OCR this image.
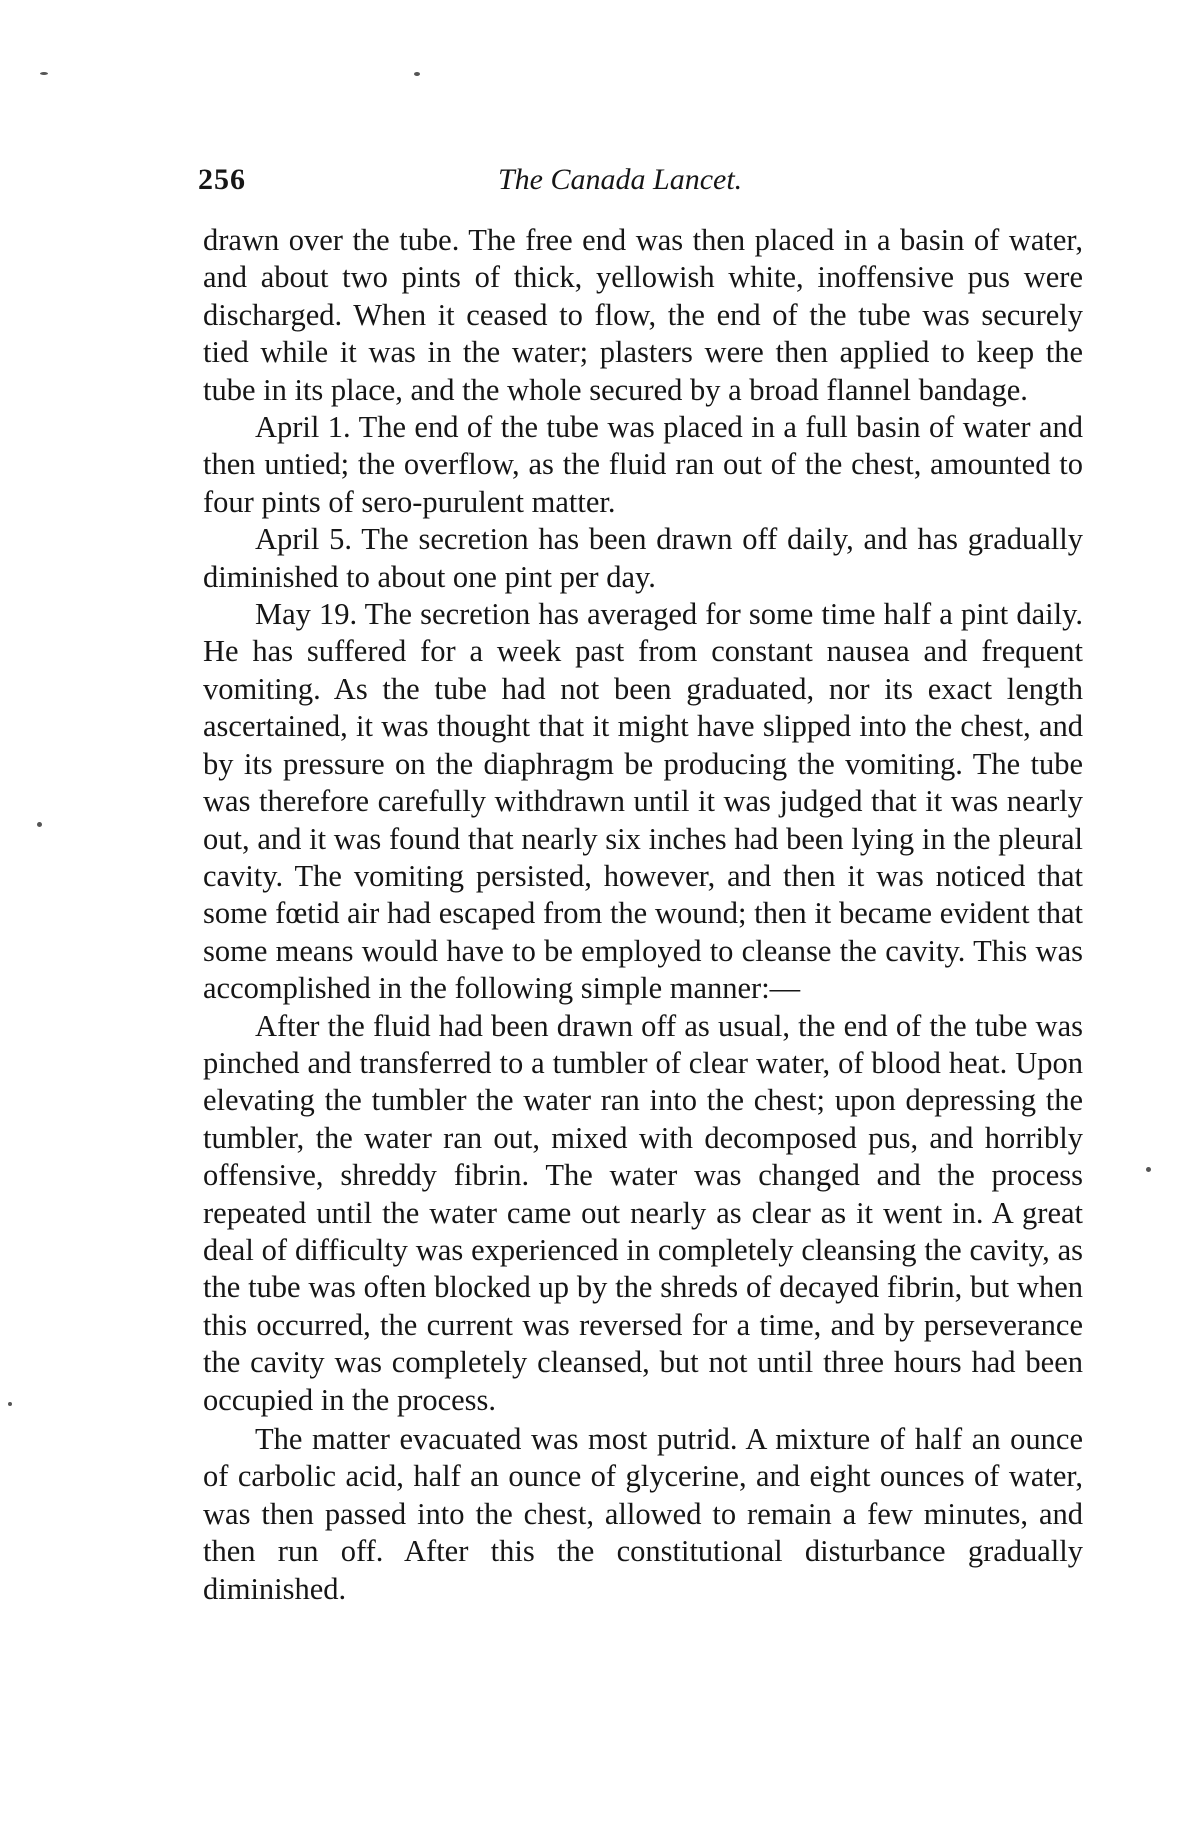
256	The Canada Lancet.

drawn over the tube. The free end was then placed in a basin of water, and about two pints of thick, yellowish white, inoffensive pus were discharged. When it ceased to flow, the end of the tube was securely tied while it was in the water; plasters were then applied to keep the tube in its place, and the whole secured by a broad flannel bandage.

April 1. The end of the tube was placed in a full basin of water and then untied; the overflow, as the fluid ran out of the chest, amounted to four pints of sero-purulent matter.

April 5. The secretion has been drawn off daily, and has gradually diminished to about one pint per day.

May 19. The secretion has averaged for some time half a pint daily. He has suffered for a week past from constant nausea and frequent vomiting. As the tube had not been graduated, nor its exact length ascertained, it was thought that it might have slipped into the chest, and by its pressure on the diaphragm be producing the vomiting. The tube was therefore carefully withdrawn until it was judged that it was nearly out, and it was found that nearly six inches had been lying in the pleural cavity. The vomiting persisted, however, and then it was noticed that some fœtid air had escaped from the wound; then it became evident that some means would have to be employed to cleanse the cavity. This was accomplished in the following simple manner:—

After the fluid had been drawn off as usual, the end of the tube was pinched and transferred to a tumbler of clear water, of blood heat. Upon elevating the tumbler the water ran into the chest; upon depressing the tumbler, the water ran out, mixed with decomposed pus, and horribly offensive, shreddy fibrin. The water was changed and the process repeated until the water came out nearly as clear as it went in. A great deal of difficulty was experienced in completely cleansing the cavity, as the tube was often blocked up by the shreds of decayed fibrin, but when this occurred, the current was reversed for a time, and by perseverance the cavity was completely cleansed, but not until three hours had been occupied in the process.

The matter evacuated was most putrid. A mixture of half an ounce of carbolic acid, half an ounce of glycerine, and eight ounces of water, was then passed into the chest, allowed to remain a few minutes, and then run off. After this the constitutional disturbance gradually diminished.
